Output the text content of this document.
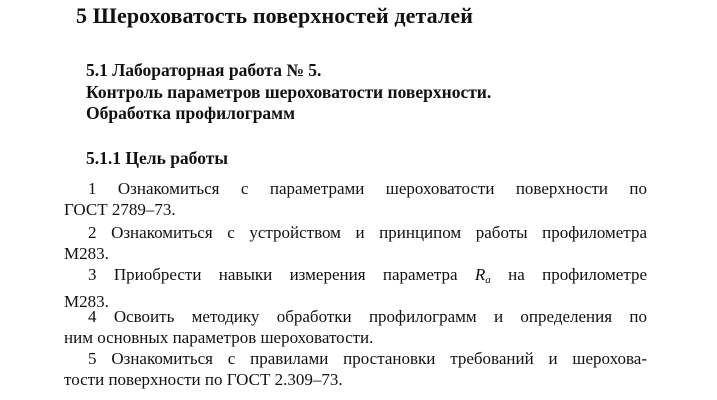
5 Шероховатость поверхностей деталей
5.1 Лабораторная работа № 5.
Контроль параметров шероховатости поверхности.
Обработка профилограмм
5.1.1 Цель работы
1 Ознакомиться с параметрами шероховатости поверхности по
ГОСТ 2789–73.
2 Ознакомиться с устройством и принципом работы профилометра
М283.
3 Приобрести навыки измерения параметра $R_a$ на профилометре
М283.
4 Освоить методику обработки профилограмм и определения по
ним основных параметров шероховатости.
5 Ознакомиться с правилами простановки требований и шерохова-
тости поверхности по ГОСТ 2.309–73.
